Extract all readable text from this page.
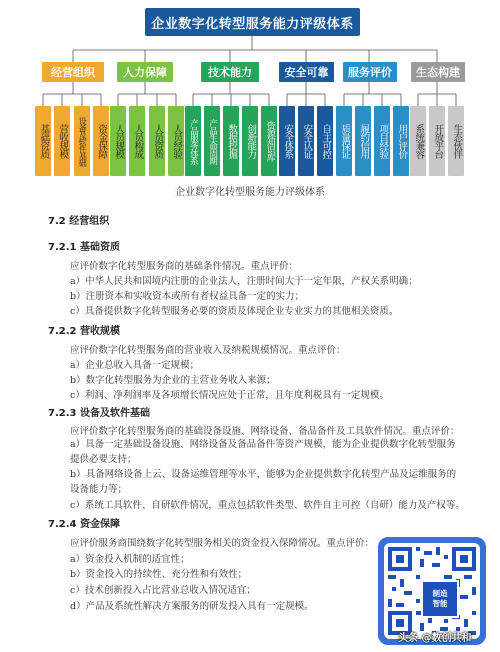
企业数字化转型服务能力评级体系
经营组织	人力保障	技术能力	安全可靠	服务评价	生态构建
基础资质 营收规模	设备及软件基础 资金保障 人员规模 人员构成 人员资质 人员经验 产品服务体系	产品生命周期 数据挖掘 创新能力 资源知识库 安全体系 安全认证 自主可控 质量保证 履约信用 项目经验 用户评价 系统兼容 开放平台 生态伙伴
企业数字化转型服务能力评级体系
7.2 经营组织
7.2.1 基础资质
应评价数字化转型服务商的基础条件情况。重点评价：
a）中华人民共和国境内注册的企业法人，注册时间大于一定年限，产权关系明确；
b）注册资本和实收资本或所有者权益具备一定的实力；
c）具备提供数字化转型服务必要的资质及体现企业专业实力的其他相关资质。
7.2.2 营收规模
应评价数字化转型服务商的营业收入及纳税规模情况。重点评价：
a）企业总收入具备一定规模；
b）数字化转型服务为企业的主营业务收入来源；
c）利润、净利润率及各项增长情况应处于正常，且年度利税具有一定规模。
7.2.3 设备及软件基础
应评价数字化转型服务商的基础设备设施、网络设备、备品备件及工具软件情况。重点评价：
a）具备一定基础设备设施、网络设备及备品备件等资产规模，能为企业提供数字化转型服务提供必要支持；
b）具备网络设备上云、设备运维管理等水平，能够为企业提供数字化转型产品及运维服务的设备能力等；
c）系统工具软件、自研软件情况，重点包括软件类型、软件自主可控（自研）能力及产权等。
7.2.4 资金保障
应评价服务商围绕数字化转型服务相关的资金投入保障情况。重点评价：
a）资金投入机制的适宜性；
b）资金投入的持续性、充分性和有效性；
c）技术创新投入占比营业总收入情况适宜；
d）产品及系统性解决方案服务的研发投入具有一定规模。
制造
智能
头条 @数创共和
